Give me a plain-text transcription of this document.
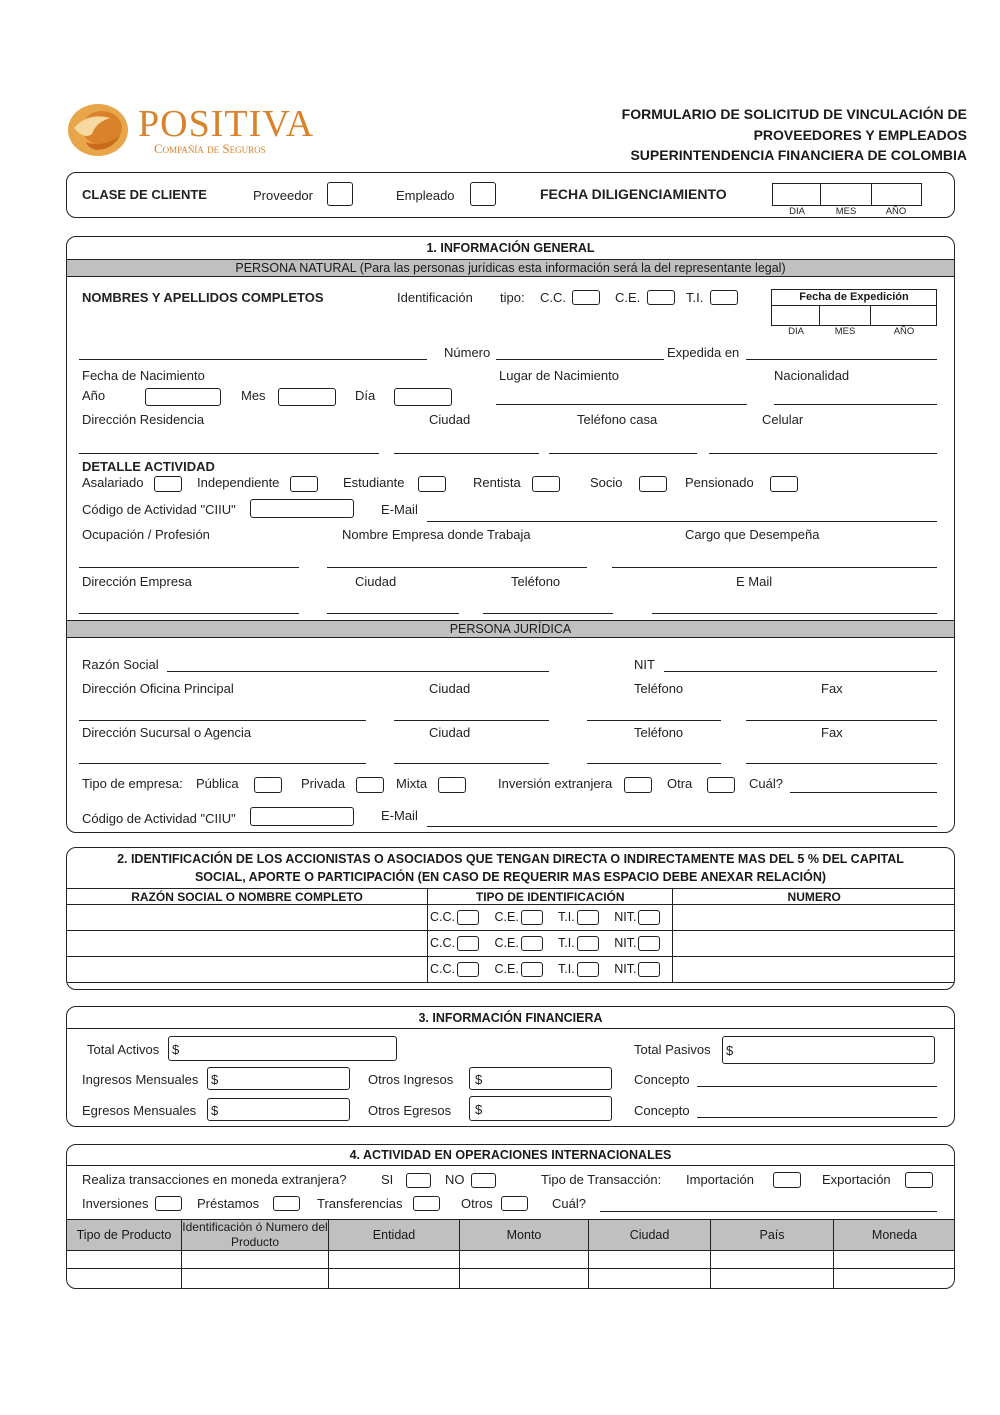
POSITIVA
Compañía de Seguros
FORMULARIO DE SOLICITUD DE VINCULACIÓN DE
PROVEEDORES Y EMPLEADOS
SUPERINTENDENCIA FINANCIERA DE COLOMBIA
CLASE DE CLIENTE	Proveedor	Empleado	FECHA DILIGENCIAMIENTO
DIA	MES	AÑO
1. INFORMACIÓN GENERAL
PERSONA NATURAL (Para las personas jurídicas esta información será la del representante legal)
NOMBRES Y APELLIDOS COMPLETOS	Identificación tipo: C.C.	C.E.	T.I.	Fecha de Expedición
DIA	MES	AÑO
Número	Expedida en
Fecha de Nacimiento	Lugar de Nacimiento	Nacionalidad
Año	Mes	Día
Dirección Residencia	Ciudad	Teléfono casa	Celular
DETALLE ACTIVIDAD
Asalariado	Independiente	Estudiante	Rentista	Socio	Pensionado
Código de Actividad "CIIU"	E-Mail
Ocupación / Profesión	Nombre Empresa donde Trabaja	Cargo que Desempeña
Dirección Empresa	Ciudad	Teléfono	E Mail
PERSONA JURÍDICA
Razón Social	NIT
Dirección Oficina Principal	Ciudad	Teléfono	Fax
Dirección Sucursal o Agencia	Ciudad	Teléfono	Fax
Tipo de empresa: Pública	Privada	Mixta	Inversión extranjera	Otra	Cuál?
Código de Actividad "CIIU"	E-Mail
2. IDENTIFICACIÓN DE LOS ACCIONISTAS O ASOCIADOS QUE TENGAN DIRECTA O INDIRECTAMENTE MAS DEL 5 % DEL CAPITAL
SOCIAL, APORTE O PARTICIPACIÓN (EN CASO DE REQUERIR MAS ESPACIO DEBE ANEXAR RELACIÓN)
RAZÓN SOCIAL O NOMBRE COMPLETO	TIPO DE IDENTIFICACIÓN	NUMERO
	C.C. C.E. T.I. NIT.	
	C.C. C.E. T.I. NIT.	
	C.C. C.E. T.I. NIT.	
3. INFORMACIÓN FINANCIERA
Total Activos $	Total Pasivos $
Ingresos Mensuales $	Otros Ingresos $	Concepto
Egresos Mensuales $	Otros Egresos $	Concepto
4. ACTIVIDAD EN OPERACIONES INTERNACIONALES
Realiza transacciones en moneda extranjera?	SI	NO	Tipo de Transacción: Importación	Exportación
Inversiones	Préstamos	Transferencias	Otros	Cuál?
Tipo de Producto	Identificación ó Numero del Producto	Entidad	Monto	Ciudad	País	Moneda
